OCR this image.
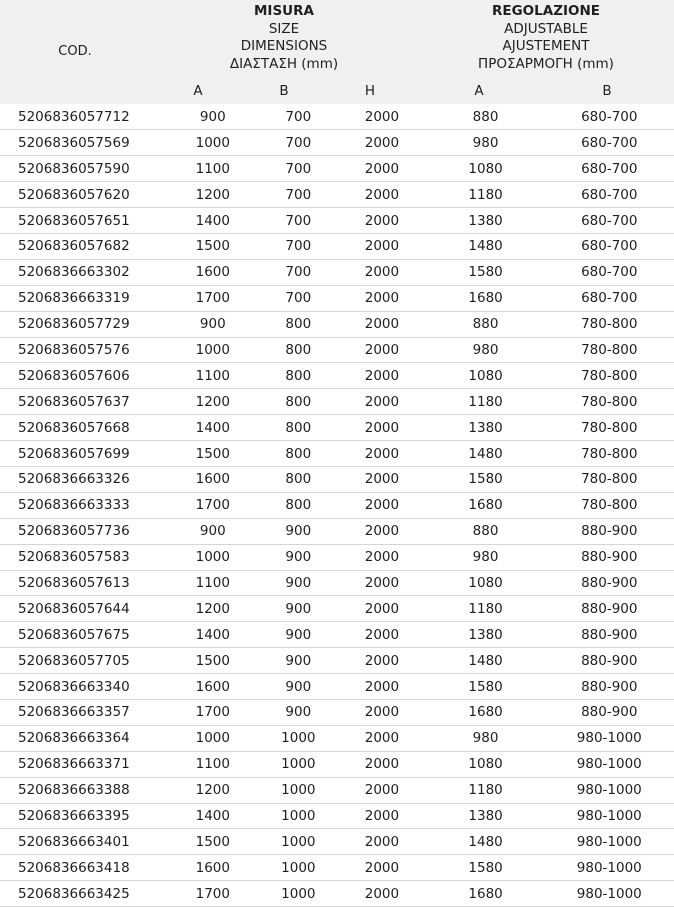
COD.
MISURA
SIZE
DIMENSIONS
ΔΙΑΣΤΑΣΗ (mm)
REGOLAZIONE
ADJUSTABLE
AJUSTEMENT
ΠΡΟΣΑΡΜΟΓΗ (mm)
A	B	H	A	B
5206836057712	900	700	2000	880	680-700
5206836057569	1000	700	2000	980	680-700
5206836057590	1100	700	2000	1080	680-700
5206836057620	1200	700	2000	1180	680-700
5206836057651	1400	700	2000	1380	680-700
5206836057682	1500	700	2000	1480	680-700
5206836663302	1600	700	2000	1580	680-700
5206836663319	1700	700	2000	1680	680-700
5206836057729	900	800	2000	880	780-800
5206836057576	1000	800	2000	980	780-800
5206836057606	1100	800	2000	1080	780-800
5206836057637	1200	800	2000	1180	780-800
5206836057668	1400	800	2000	1380	780-800
5206836057699	1500	800	2000	1480	780-800
5206836663326	1600	800	2000	1580	780-800
5206836663333	1700	800	2000	1680	780-800
5206836057736	900	900	2000	880	880-900
5206836057583	1000	900	2000	980	880-900
5206836057613	1100	900	2000	1080	880-900
5206836057644	1200	900	2000	1180	880-900
5206836057675	1400	900	2000	1380	880-900
5206836057705	1500	900	2000	1480	880-900
5206836663340	1600	900	2000	1580	880-900
5206836663357	1700	900	2000	1680	880-900
5206836663364	1000	1000	2000	980	980-1000
5206836663371	1100	1000	2000	1080	980-1000
5206836663388	1200	1000	2000	1180	980-1000
5206836663395	1400	1000	2000	1380	980-1000
5206836663401	1500	1000	2000	1480	980-1000
5206836663418	1600	1000	2000	1580	980-1000
5206836663425	1700	1000	2000	1680	980-1000
